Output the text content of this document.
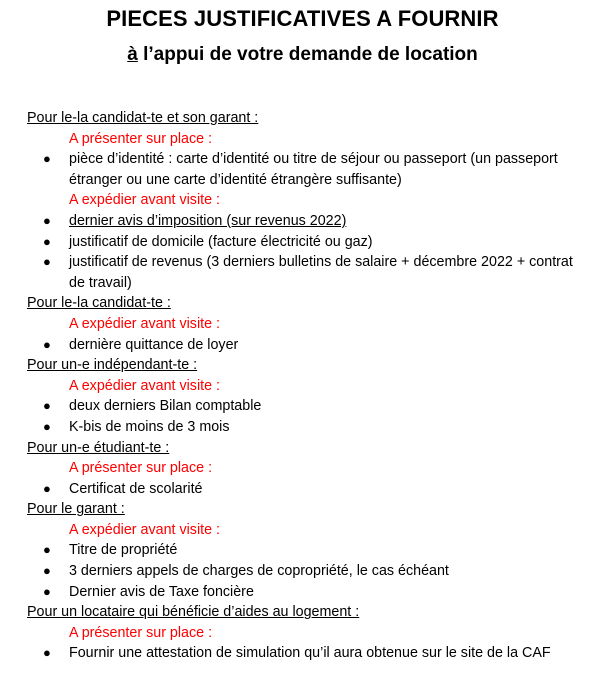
PIECES JUSTIFICATIVES A FOURNIR
à l’appui de votre demande de location

Pour le-la candidat-te et son garant :

A présenter sur place :

● pièce d’identité : carte d’identité ou titre de séjour ou passeport (un passeport étranger ou une carte d’identité étrangère suffisante)

A expédier avant visite :

● dernier avis d’imposition (sur revenus 2022)
● justificatif de domicile (facture électricité ou gaz)
● justificatif de revenus (3 derniers bulletins de salaire + décembre 2022 + contrat de travail)

Pour le-la candidat-te :

A expédier avant visite :

● dernière quittance de loyer

Pour un-e indépendant-te :

A expédier avant visite :

● deux derniers Bilan comptable
● K-bis de moins de 3 mois

Pour un-e étudiant-te :

A présenter sur place :

● Certificat de scolarité

Pour le garant :

A expédier avant visite :

● Titre de propriété
● 3 derniers appels de charges de copropriété, le cas échéant
● Dernier avis de Taxe foncière

Pour un locataire qui bénéficie d’aides au logement :

A présenter sur place :

● Fournir une attestation de simulation qu’il aura obtenue sur le site de la CAF
